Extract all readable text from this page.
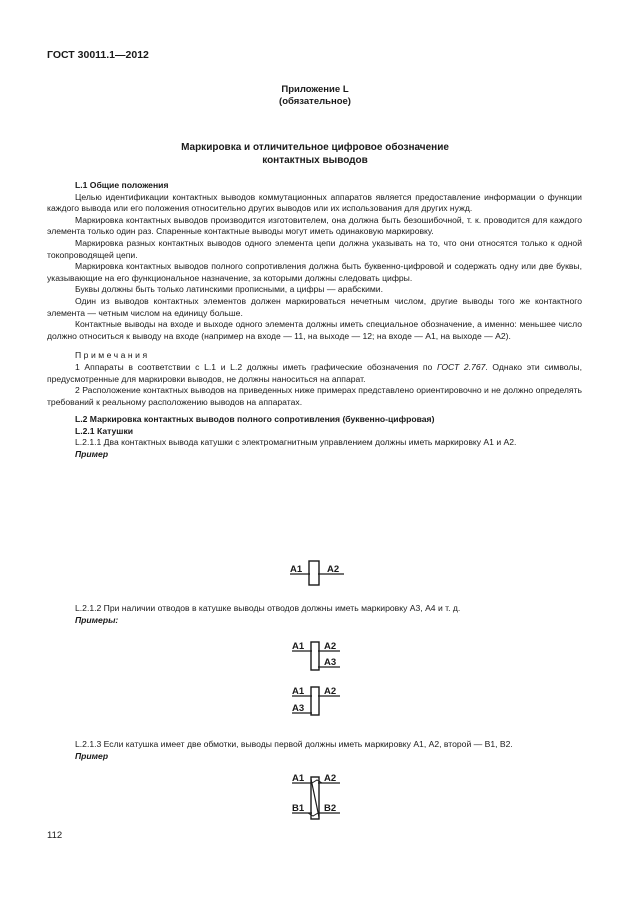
ГОСТ 30011.1—2012
Приложение L
(обязательное)
Маркировка и отличительное цифровое обозначение
контактных выводов

L.1 Общие положения

Целью идентификации контактных выводов коммутационных аппаратов является предоставление информации о функции каждого вывода или его положения относительно других выводов или их использования для других нужд.

Маркировка контактных выводов производится изготовителем, она должна быть безошибочной, т. к. проводится для каждого элемента только один раз. Спаренные контактные выводы могут иметь одинаковую маркировку.

Маркировка разных контактных выводов одного элемента цепи должна указывать на то, что они относятся только к одной токопроводящей цепи.

Маркировка контактных выводов полного сопротивления должна быть буквенно-цифровой и содержать одну или две буквы, указывающие на его функциональное назначение, за которыми должны следовать цифры.

Буквы должны быть только латинскими прописными, а цифры — арабскими.

Один из выводов контактных элементов должен маркироваться нечетным числом, другие выводы того же контактного элемента — четным числом на единицу больше.

Контактные выводы на входе и выходе одного элемента должны иметь специальное обозначение, а именно: меньшее число должно относиться к выводу на входе (например на входе — 11, на выходе — 12; на входе — А1, на выходе — А2).

Примечания

1 Аппараты в соответствии с L.1 и L.2 должны иметь графические обозначения по ГОСТ 2.767. Однако эти символы, предусмотренные для маркировки выводов, не должны наноситься на аппарат.

2 Расположение контактных выводов на приведенных ниже примерах представлено ориентировочно и не должно определять требований к реальному расположению выводов на аппаратах.

L.2 Маркировка контактных выводов полного сопротивления (буквенно-цифровая)

L.2.1 Катушки

L.2.1.1 Два контактных вывода катушки с электромагнитным управлением должны иметь маркировку А1 и А2.

Пример

A1	A2

L.2.1.2 При наличии отводов в катушке выводы отводов должны иметь маркировку А3, А4 и т. д.

Примеры:

A1 A2
A3
A1 A2
A3

L.2.1.3 Если катушка имеет две обмотки, выводы первой должны иметь маркировку А1, А2, второй — В1, В2.

Пример

A1 A2
B1 B2
112
